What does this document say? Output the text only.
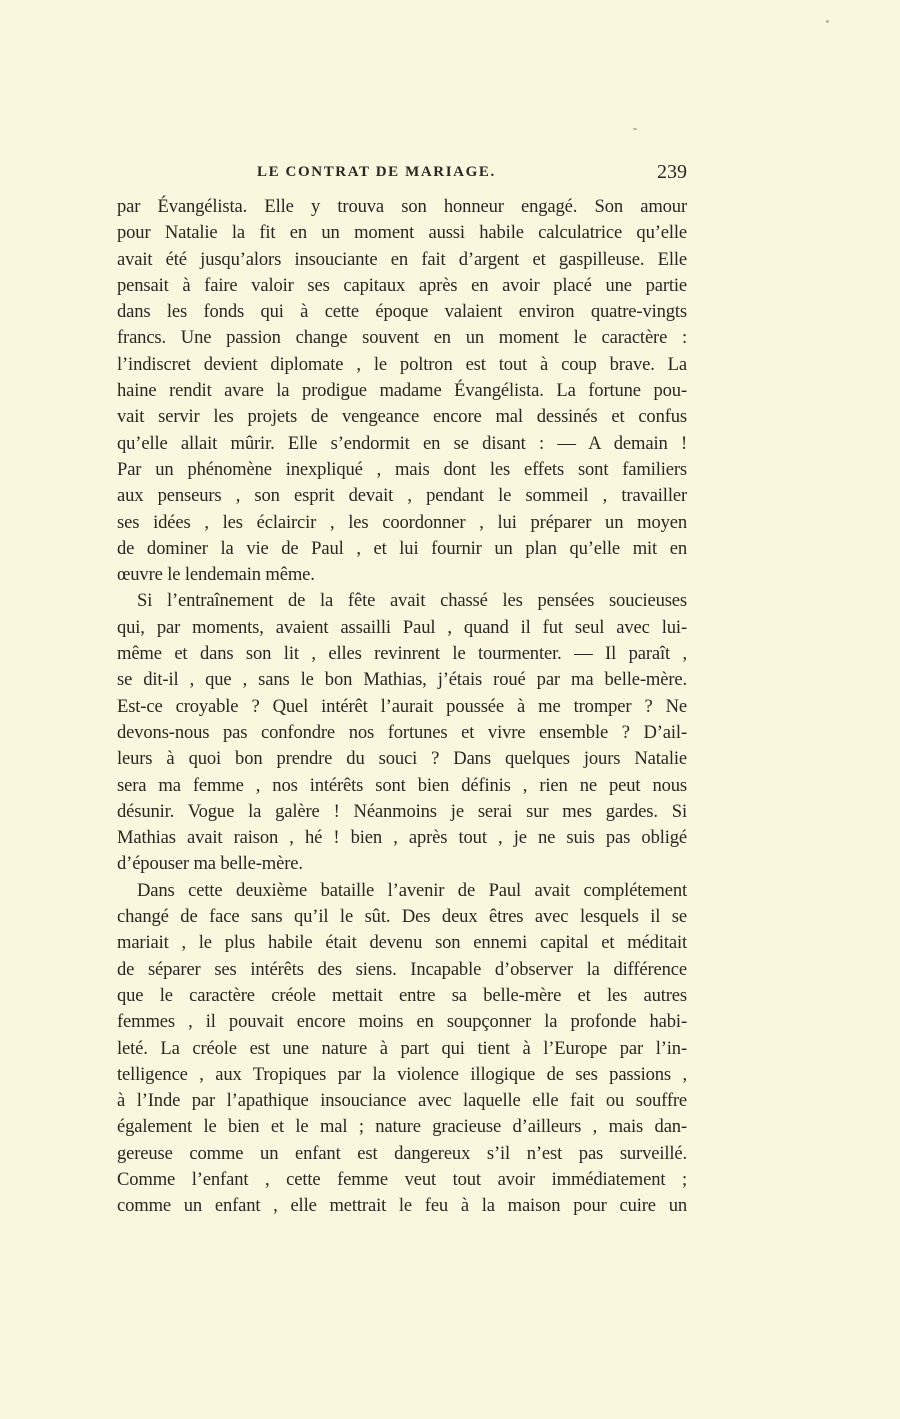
LE CONTRAT DE MARIAGE.	239
par Évangélista. Elle y trouva son honneur engagé. Son amour
pour Natalie la fit en un moment aussi habile calculatrice qu’elle
avait été jusqu’alors insouciante en fait d’argent et gaspilleuse. Elle
pensait à faire valoir ses capitaux après en avoir placé une partie
dans les fonds qui à cette époque valaient environ quatre-vingts
francs. Une passion change souvent en un moment le caractère :
l’indiscret devient diplomate , le poltron est tout à coup brave. La
haine rendit avare la prodigue madame Évangélista. La fortune pou-
vait servir les projets de vengeance encore mal dessinés et confus
qu’elle allait mûrir. Elle s’endormit en se disant : — A demain !
Par un phénomène inexpliqué , mais dont les effets sont familiers
aux penseurs , son esprit devait , pendant le sommeil , travailler
ses idées , les éclaircir , les coordonner , lui préparer un moyen
de dominer la vie de Paul , et lui fournir un plan qu’elle mit en
œuvre le lendemain même.
Si l’entraînement de la fête avait chassé les pensées soucieuses
qui, par moments, avaient assailli Paul , quand il fut seul avec lui-
même et dans son lit , elles revinrent le tourmenter. — Il paraît ,
se dit-il , que , sans le bon Mathias, j’étais roué par ma belle-mère.
Est-ce croyable ? Quel intérêt l’aurait poussée à me tromper ? Ne
devons-nous pas confondre nos fortunes et vivre ensemble ? D’ail-
leurs à quoi bon prendre du souci ? Dans quelques jours Natalie
sera ma femme , nos intérêts sont bien définis , rien ne peut nous
désunir. Vogue la galère ! Néanmoins je serai sur mes gardes. Si
Mathias avait raison , hé ! bien , après tout , je ne suis pas obligé
d’épouser ma belle-mère.
Dans cette deuxième bataille l’avenir de Paul avait complétement
changé de face sans qu’il le sût. Des deux êtres avec lesquels il se
mariait , le plus habile était devenu son ennemi capital et méditait
de séparer ses intérêts des siens. Incapable d’observer la différence
que le caractère créole mettait entre sa belle-mère et les autres
femmes , il pouvait encore moins en soupçonner la profonde habi-
leté. La créole est une nature à part qui tient à l’Europe par l’in-
telligence , aux Tropiques par la violence illogique de ses passions ,
à l’Inde par l’apathique insouciance avec laquelle elle fait ou souffre
également le bien et le mal ; nature gracieuse d’ailleurs , mais dan-
gereuse comme un enfant est dangereux s’il n’est pas surveillé.
Comme l’enfant , cette femme veut tout avoir immédiatement ;
comme un enfant , elle mettrait le feu à la maison pour cuire un
